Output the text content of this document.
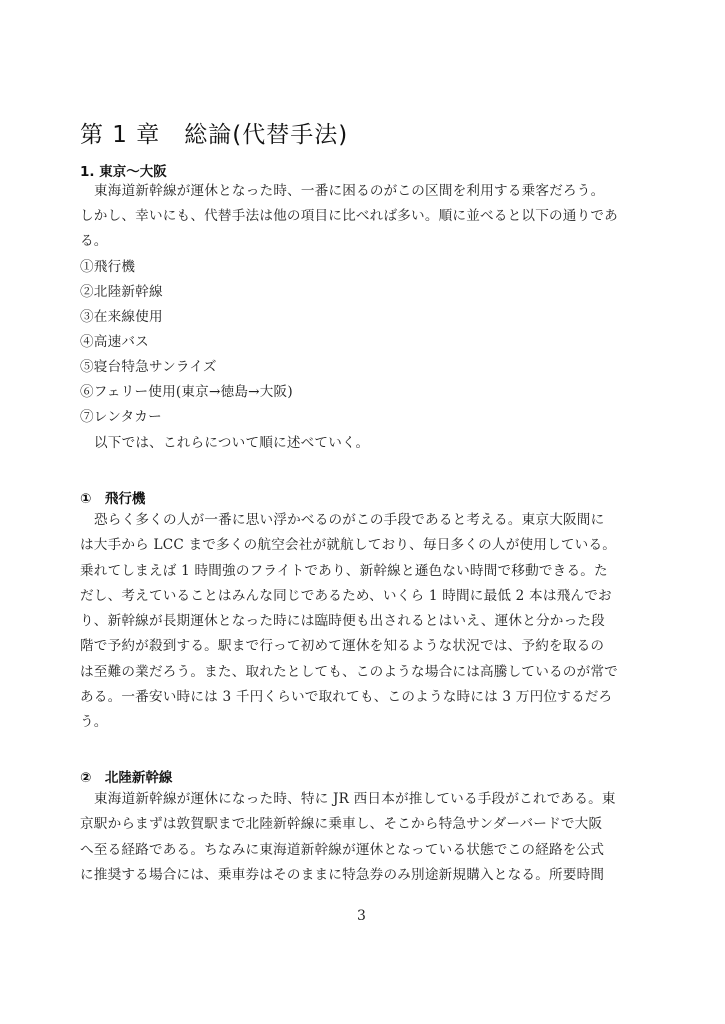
第 1 章　総論(代替手法)
1. 東京～大阪
東海道新幹線が運休となった時、一番に困るのがこの区間を利用する乗客だろう。
しかし、幸いにも、代替手法は他の項目に比べれば多い。順に並べると以下の通りであ
る。
①飛行機
②北陸新幹線
③在来線使用
④高速バス
⑤寝台特急サンライズ
⑥フェリー使用(東京→徳島→大阪)
⑦レンタカー
以下では、これらについて順に述べていく。
①　飛行機
恐らく多くの人が一番に思い浮かべるのがこの手段であると考える。東京大阪間に
は大手から LCC まで多くの航空会社が就航しており、毎日多くの人が使用している。
乗れてしまえば 1 時間強のフライトであり、新幹線と遜色ない時間で移動できる。た
だし、考えていることはみんな同じであるため、いくら 1 時間に最低 2 本は飛んでお
り、新幹線が長期運休となった時には臨時便も出されるとはいえ、運休と分かった段
階で予約が殺到する。駅まで行って初めて運休を知るような状況では、予約を取るの
は至難の業だろう。また、取れたとしても、このような場合には高騰しているのが常で
ある。一番安い時には 3 千円くらいで取れても、このような時には 3 万円位するだろ
う。
②　北陸新幹線
東海道新幹線が運休になった時、特に JR 西日本が推している手段がこれである。東
京駅からまずは敦賀駅まで北陸新幹線に乗車し、そこから特急サンダーバードで大阪
へ至る経路である。ちなみに東海道新幹線が運休となっている状態でこの経路を公式
に推奨する場合には、乗車券はそのままに特急券のみ別途新規購入となる。所要時間
3
